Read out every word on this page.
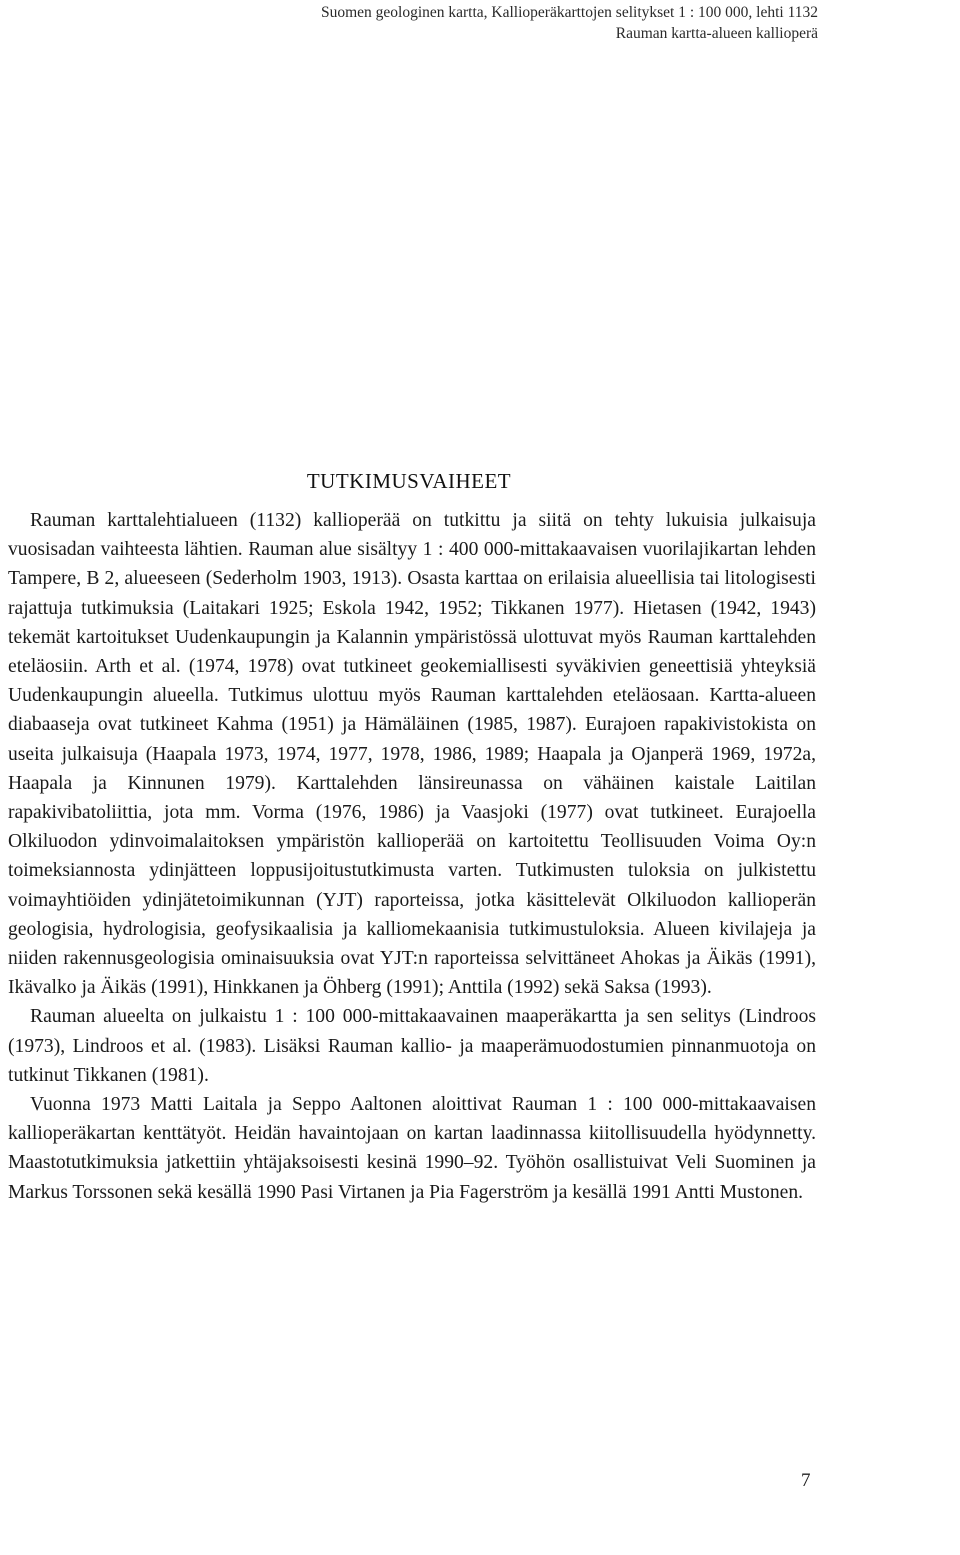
Suomen geologinen kartta, Kallioperäkarttojen selitykset 1 : 100 000, lehti 1132
Rauman kartta-alueen kallioperä
TUTKIMUSVAIHEET

Rauman karttalehtialueen (1132) kallioperää on tutkittu ja siitä on tehty lukuisia julkaisuja vuosisadan vaihteesta lähtien. Rauman alue sisältyy 1 : 400 000-mittakaavaisen vuorilajikartan lehden Tampere, B 2, alueeseen (Sederholm 1903, 1913). Osasta karttaa on erilaisia alueellisia tai litologisesti rajattuja tutkimuksia (Laitakari 1925; Eskola 1942, 1952; Tikkanen 1977). Hietasen (1942, 1943) tekemät kartoitukset Uudenkaupungin ja Kalannin ympäristössä ulottuvat myös Rauman karttalehden eteläosiin. Arth et al. (1974, 1978) ovat tutkineet geokemiallisesti syväkivien geneettisiä yhteyksiä Uudenkaupungin alueella. Tutkimus ulottuu myös Rauman karttalehden eteläosaan. Kartta-alueen diabaaseja ovat tutkineet Kahma (1951) ja Hämäläinen (1985, 1987). Eurajoen rapakivistokista on useita julkaisuja (Haapala 1973, 1974, 1977, 1978, 1986, 1989; Haapala ja Ojanperä 1969, 1972a, Haapala ja Kinnunen 1979). Karttalehden länsireunassa on vähäinen kaistale Laitilan rapakivibatoliittia, jota mm. Vorma (1976, 1986) ja Vaasjoki (1977) ovat tutkineet. Eurajoella Olkiluodon ydinvoimalaitoksen ympäristön kallioperää on kartoitettu Teollisuuden Voima Oy:n toimeksiannosta ydinjätteen loppusijoitustutkimusta varten. Tutkimusten tuloksia on julkistettu voimayhtiöiden ydinjätetoimikunnan (YJT) raporteissa, jotka käsittelevät Olkiluodon kallioperän geologisia, hydrologisia, geofysikaalisia ja kalliomekaanisia tutkimustuloksia. Alueen kivilajeja ja niiden rakennusgeologisia ominaisuuksia ovat YJT:n raporteissa selvittäneet Ahokas ja Äikäs (1991), Ikävalko ja Äikäs (1991), Hinkkanen ja Öhberg (1991); Anttila (1992) sekä Saksa (1993).

Rauman alueelta on julkaistu 1 : 100 000-mittakaavainen maaperäkartta ja sen selitys (Lindroos (1973), Lindroos et al. (1983). Lisäksi Rauman kallio- ja maaperämuodostumien pinnanmuotoja on tutkinut Tikkanen (1981).

Vuonna 1973 Matti Laitala ja Seppo Aaltonen aloittivat Rauman 1 : 100 000-mittakaavaisen kallioperäkartan kenttätyöt. Heidän havaintojaan on kartan laadinnassa kiitollisuudella hyödynnetty. Maastotutkimuksia jatkettiin yhtäjaksoisesti kesinä 1990–92. Työhön osallistuivat Veli Suominen ja Markus Torssonen sekä kesällä 1990 Pasi Virtanen ja Pia Fagerström ja kesällä 1991 Antti Mustonen.

7
